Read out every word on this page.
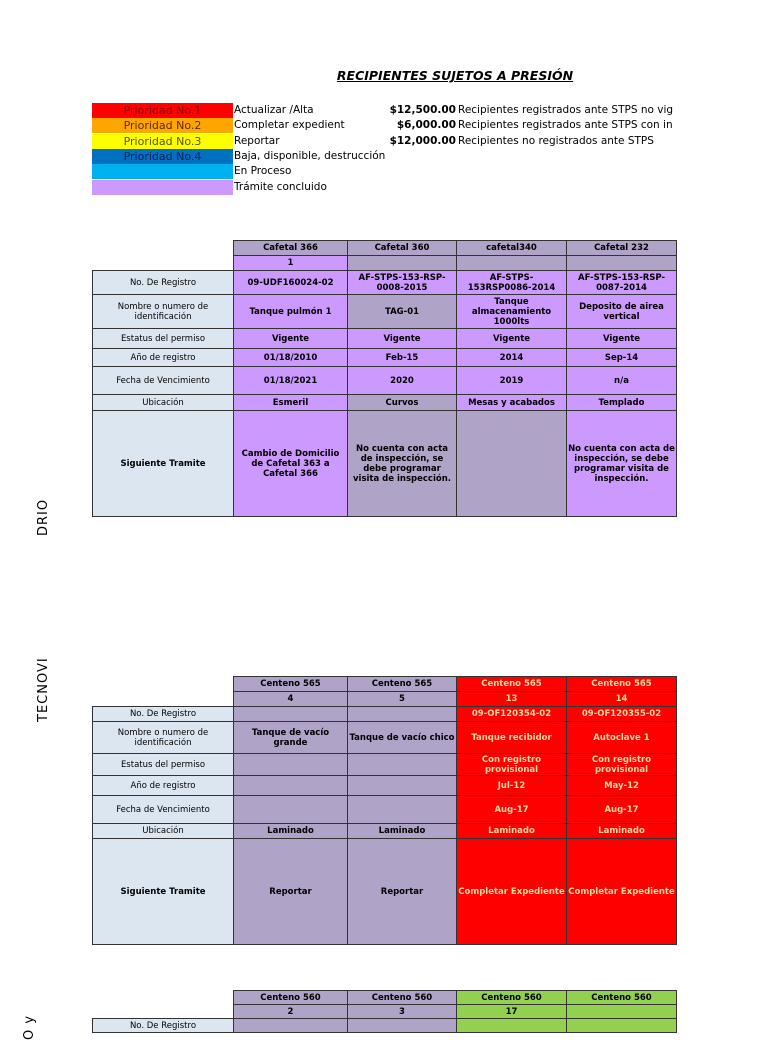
RECIPIENTES SUJETOS A PRESIÓN
Prioridad No.1	Actualizar /Alta	$12,500.00 Recipientes registrados ante STPS no vig
Prioridad No.2	Completar expedient	$6,000.00 Recipientes registrados ante STPS con in
Prioridad No.3	Reportar	$12,000.00 Recipientes no registrados ante STPS
Prioridad No.4	Baja, disponible, destrucción
En Proceso
Trámite concluido
DRIO
TECNOVI
O y
	Cafetal 366	Cafetal 360	cafetal340	Cafetal 232
	1			
No. De Registro	09-UDF160024-02	AF-STPS-153-RSP-0008-2015	AF-STPS-153RSP0086-2014	AF-STPS-153-RSP-0087-2014
Nombre o numero de identificación	Tanque pulmón 1	TAG-01	Tanque almacenamiento 1000lts	Deposito de airea vertical
Estatus del permiso	Vigente	Vigente	Vigente	Vigente
Año de registro	01/18/2010	Feb-15	2014	Sep-14
Fecha de Vencimiento	01/18/2021	2020	2019	n/a
Ubicación	Esmeril	Curvos	Mesas y acabados	Templado
Siguiente Tramite	Cambio de Domicilio de Cafetal 363 a Cafetal 366	No cuenta con acta de inspección, se debe programar visita de inspección.		No cuenta con acta de inspección, se debe programar visita de inspección.
	Centeno 565	Centeno 565	Centeno 565	Centeno 565
	4	5	13	14
No. De Registro			09-OF120354-02	09-OF120355-02
Nombre o numero de identificación	Tanque de vacío grande	Tanque de vacío chico	Tanque recibidor	Autoclave 1
Estatus del permiso			Con registro provisional	Con registro provisional
Año de registro			Jul-12	May-12
Fecha de Vencimiento			Aug-17	Aug-17
Ubicación	Laminado	Laminado	Laminado	Laminado
Siguiente Tramite	Reportar	Reportar	Completar Expediente	Completar Expediente
	Centeno 560	Centeno 560	Centeno 560	Centeno 560
	2	3	17	
No. De Registro				
